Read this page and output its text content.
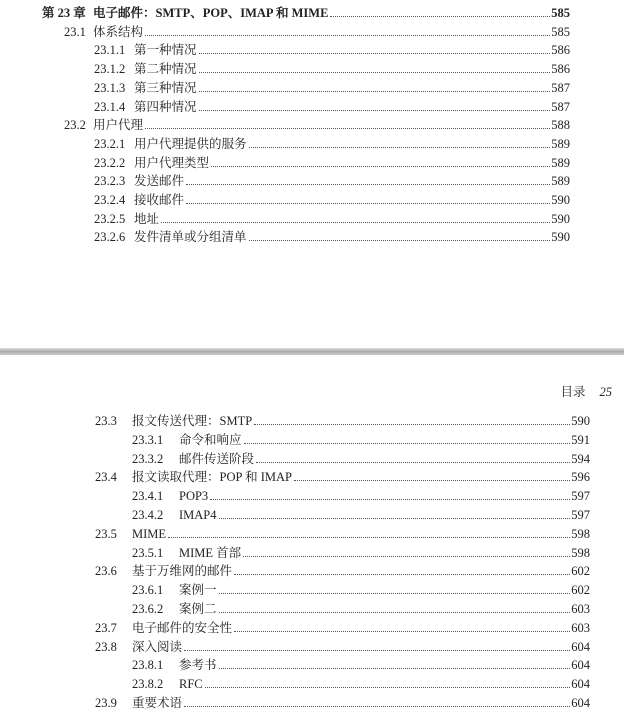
第 23 章 电子邮件：SMTP、POP、IMAP 和 MIME	585
23.1 体系结构	585
23.1.1 第一种情况	586
23.1.2 第二种情况	586
23.1.3 第三种情况	587
23.1.4 第四种情况	587
23.2 用户代理	588
23.2.1 用户代理提供的服务	589
23.2.2 用户代理类型	589
23.2.3 发送邮件	589
23.2.4 接收邮件	590
23.2.5 地址	590
23.2.6 发件清单或分组清单	590
目录 25
23.3	报文传送代理：SMTP	590
23.3.1	命令和响应	591
23.3.2	邮件传送阶段	594
23.4	报文读取代理：POP 和 IMAP	596
23.4.1	POP3	597
23.4.2	IMAP4	597
23.5	MIME	598
23.5.1	MIME 首部	598
23.6	基于万维网的邮件	602
23.6.1	案例一	602
23.6.2	案例二	603
23.7	电子邮件的安全性	603
23.8	深入阅读	604
23.8.1	参考书	604
23.8.2	RFC	604
23.9	重要术语	604
